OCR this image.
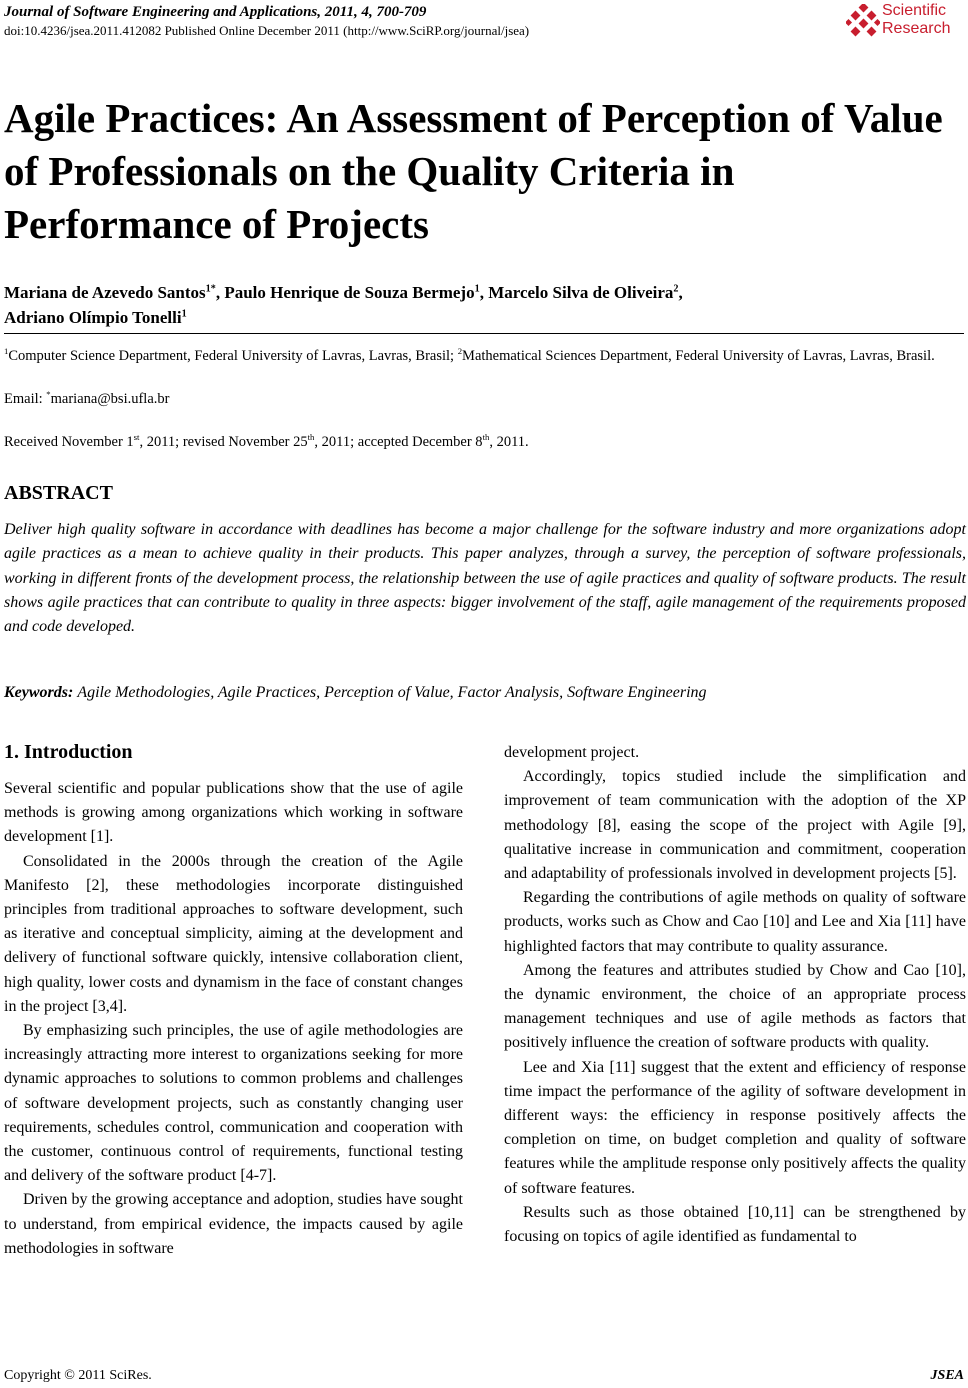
Journal of Software Engineering and Applications, 2011, 4, 700-709
doi:10.4236/jsea.2011.412082 Published Online December 2011 (http://www.SciRP.org/journal/jsea)
Scientific
Research
Agile Practices: An Assessment of Perception of Value of Professionals on the Quality Criteria in Performance of Projects
Mariana de Azevedo Santos$^{1*}$, Paulo Henrique de Souza Bermejo$^1$, Marcelo Silva de Oliveira$^2$,
Adriano Olímpio Tonelli$^1$
$^1$Computer Science Department, Federal University of Lavras, Lavras, Brasil; $^2$Mathematical Sciences Department, Federal University of Lavras, Lavras, Brasil.
Email: *mariana@bsi.ufla.br
Received November 1st, 2011; revised November 25th, 2011; accepted December 8th, 2011.
ABSTRACT

Deliver high quality software in accordance with deadlines has become a major challenge for the software industry and more organizations adopt agile practices as a mean to achieve quality in their products. This paper analyzes, through a survey, the perception of software professionals, working in different fronts of the development process, the relationship between the use of agile practices and quality of software products. The result shows agile practices that can contribute to quality in three aspects: bigger involvement of the staff, agile management of the requirements proposed and code developed.

Keywords: Agile Methodologies, Agile Practices, Perception of Value, Factor Analysis, Software Engineering
1. Introduction

Several scientific and popular publications show that the use of agile methods is growing among organizations which working in software development [1].

Consolidated in the 2000s through the creation of the Agile Manifesto [2], these methodologies incorporate distinguished principles from traditional approaches to software development, such as iterative and conceptual simplicity, aiming at the development and delivery of functional software quickly, intensive collaboration client, high quality, lower costs and dynamism in the face of constant changes in the project [3,4].

By emphasizing such principles, the use of agile methodologies are increasingly attracting more interest to organizations seeking for more dynamic approaches to solutions to common problems and challenges of software development projects, such as constantly changing user requirements, schedules control, communication and cooperation with the customer, continuous control of requirements, functional testing and delivery of the software product [4-7].

Driven by the growing acceptance and adoption, studies have sought to understand, from empirical evidence, the impacts caused by agile methodologies in software

development project.

Accordingly, topics studied include the simplification and improvement of team communication with the adoption of the XP methodology [8], easing the scope of the project with Agile [9], qualitative increase in communication and commitment, cooperation and adaptability of professionals involved in development projects [5].

Regarding the contributions of agile methods on quality of software products, works such as Chow and Cao [10] and Lee and Xia [11] have highlighted factors that may contribute to quality assurance.

Among the features and attributes studied by Chow and Cao [10], the dynamic environment, the choice of an appropriate process management techniques and use of agile methods as factors that positively influence the creation of software products with quality.

Lee and Xia [11] suggest that the extent and efficiency of response time impact the performance of the agility of software development in different ways: the efficiency in response positively affects the completion on time, on budget completion and quality of software features while the amplitude response only positively affects the quality of software features.

Results such as those obtained [10,11] can be strengthened by focusing on topics of agile identified as fundamental to

Copyright © 2011 SciRes.	JSEA
